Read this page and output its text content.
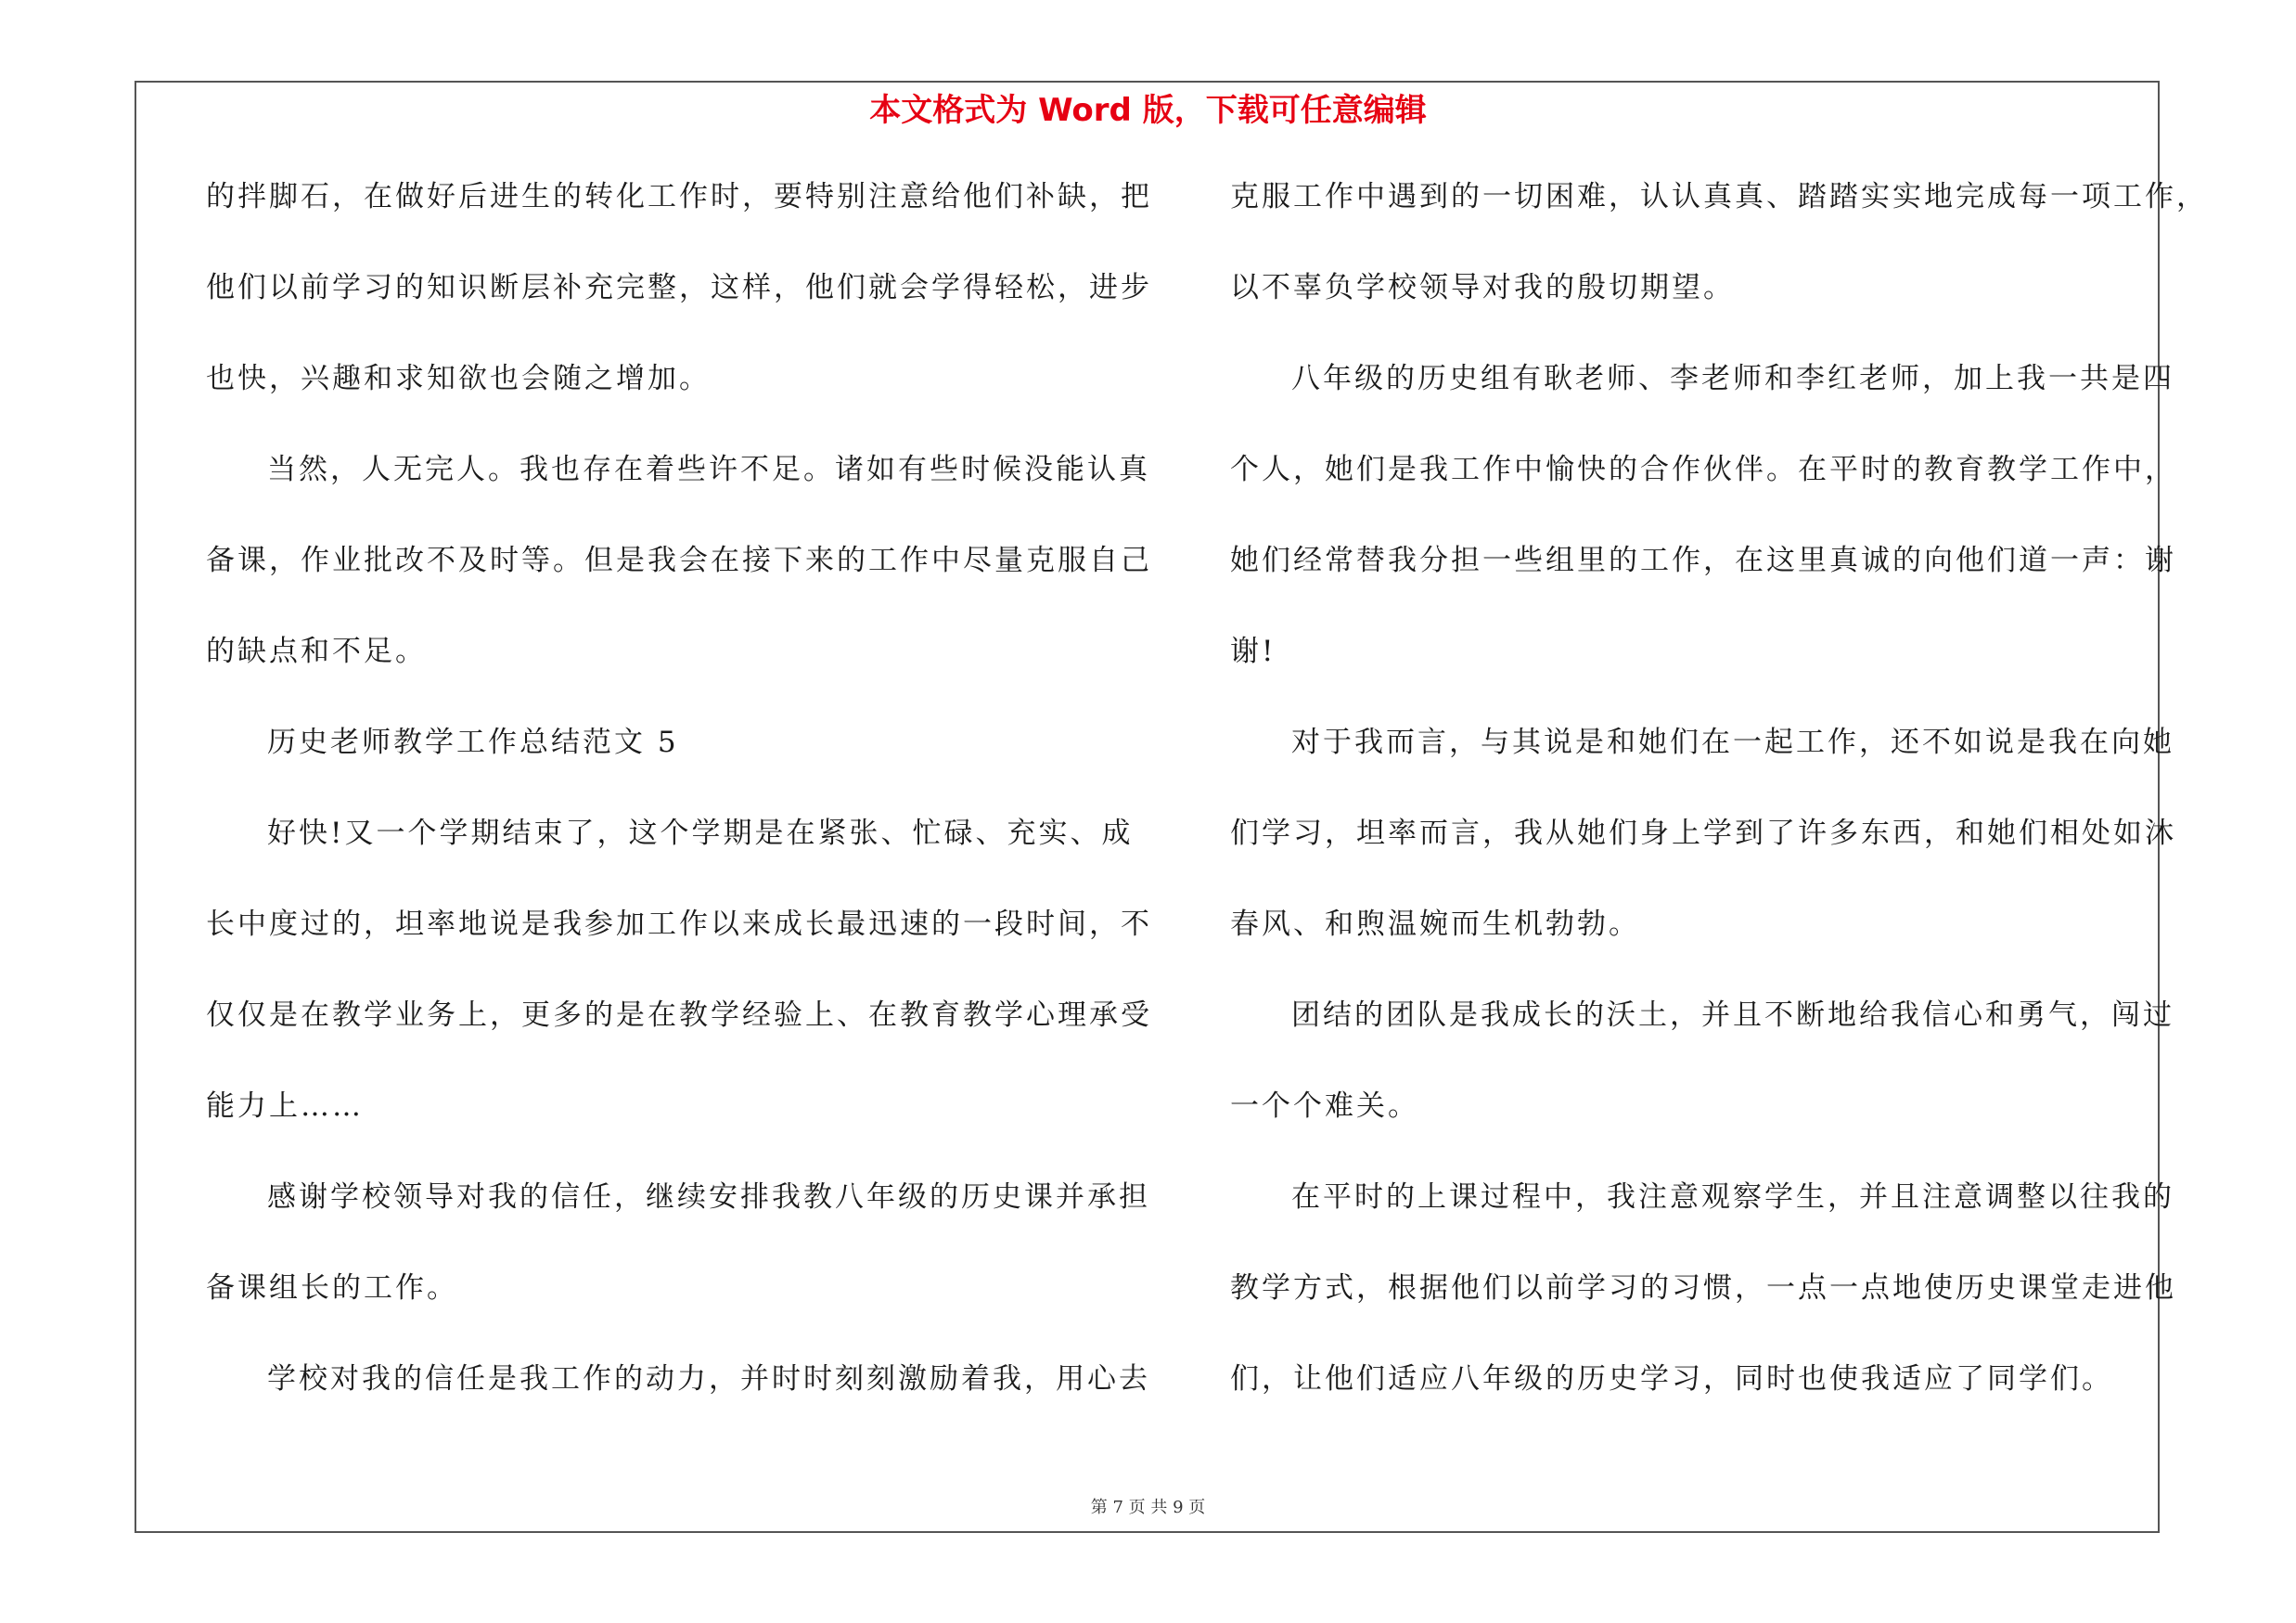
本文格式为 Word 版，下载可任意编辑
的拌脚石，在做好后进生的转化工作时，要特别注意给他们补缺，把
他们以前学习的知识断层补充完整，这样，他们就会学得轻松，进步
也快，兴趣和求知欲也会随之增加。
当然，人无完人。我也存在着些许不足。诸如有些时候没能认真
备课，作业批改不及时等。但是我会在接下来的工作中尽量克服自己
的缺点和不足。
历史老师教学工作总结范文 5
好快!又一个学期结束了，这个学期是在紧张、忙碌、充实、成
长中度过的，坦率地说是我参加工作以来成长最迅速的一段时间，不
仅仅是在教学业务上，更多的是在教学经验上、在教育教学心理承受
能力上……
感谢学校领导对我的信任，继续安排我教八年级的历史课并承担
备课组长的工作。
学校对我的信任是我工作的动力，并时时刻刻激励着我，用心去
克服工作中遇到的一切困难，认认真真、踏踏实实地完成每一项工作，
以不辜负学校领导对我的殷切期望。
八年级的历史组有耿老师、李老师和李红老师，加上我一共是四
个人，她们是我工作中愉快的合作伙伴。在平时的教育教学工作中，
她们经常替我分担一些组里的工作，在这里真诚的向他们道一声：谢
谢!
对于我而言，与其说是和她们在一起工作，还不如说是我在向她
们学习，坦率而言，我从她们身上学到了许多东西，和她们相处如沐
春风、和煦温婉而生机勃勃。
团结的团队是我成长的沃土，并且不断地给我信心和勇气，闯过
一个个难关。
在平时的上课过程中，我注意观察学生，并且注意调整以往我的
教学方式，根据他们以前学习的习惯，一点一点地使历史课堂走进他
们，让他们适应八年级的历史学习，同时也使我适应了同学们。
第 7 页 共 9 页
